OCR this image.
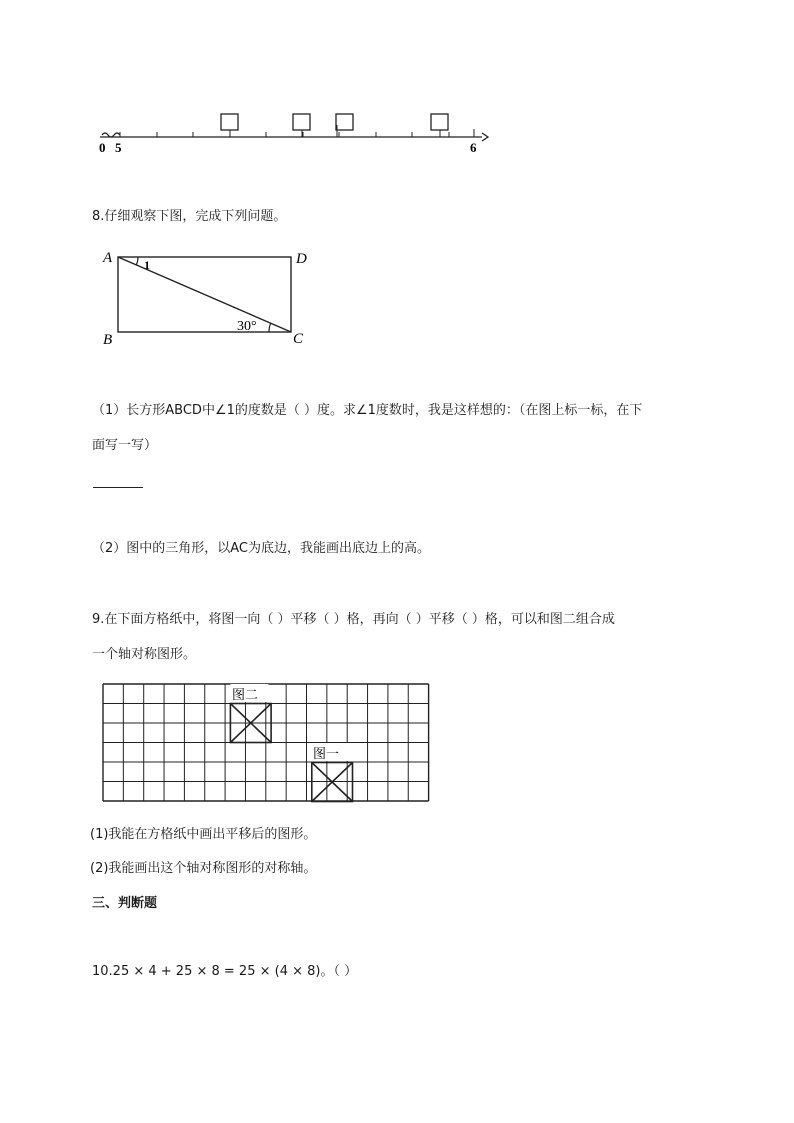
0 5	6
8.仔细观察下图，完成下列问题。
A	D
B	C
1
30°
（1）长方形ABCD中∠1的度数是（ ）度。求∠1度数时，我是这样想的：（在图上标一标，在下
面写一写）
（2）图中的三角形，以AC为底边，我能画出底边上的高。
9.在下面方格纸中，将图一向（ ）平移（ ）格，再向（ ）平移（ ）格，可以和图二组合成
一个轴对称图形。
图二
图一
(1)我能在方格纸中画出平移后的图形。
(2)我能画出这个轴对称图形的对称轴。
三、判断题
10.25 × 4 + 25 × 8 = 25 × (4 × 8)。（ ）
